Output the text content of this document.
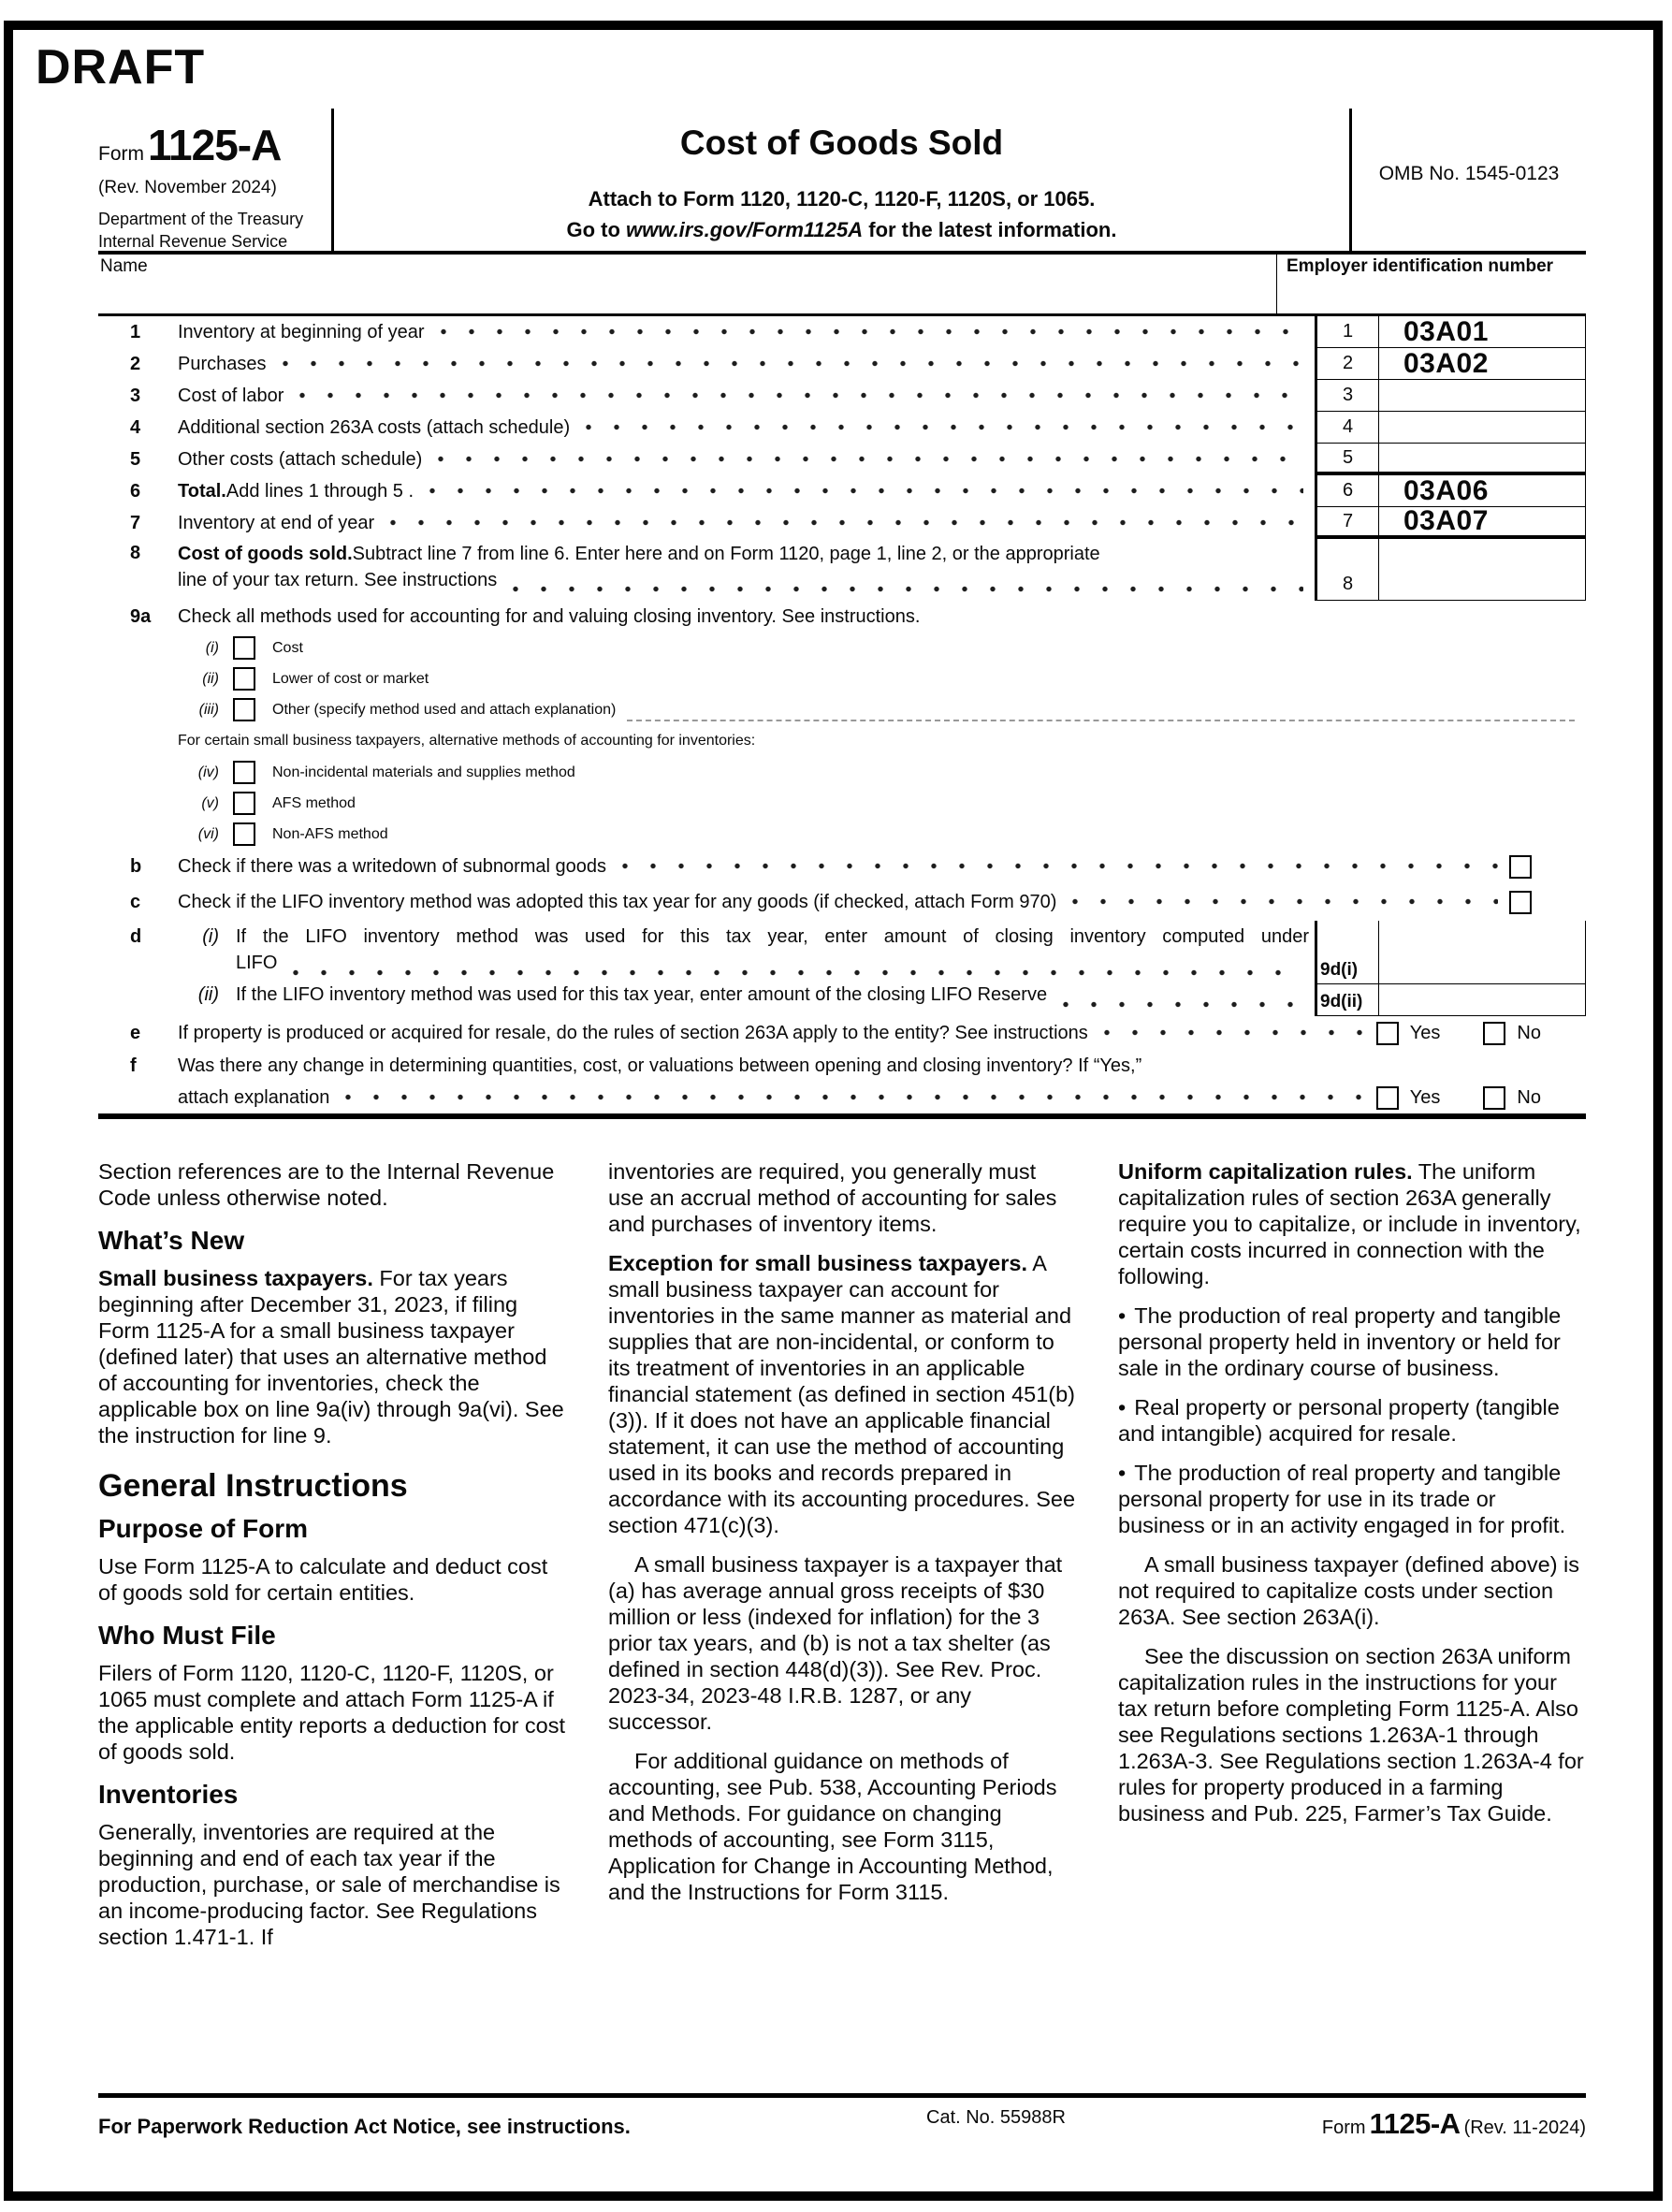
DRAFT
Form1125-A
(Rev. November 2024)
Department of the Treasury
Internal Revenue Service
Cost of Goods Sold
Attach to Form 1120, 1120-C, 1120-F, 1120S, or 1065.
Go to www.irs.gov/Form1125A for the latest information.
OMB No. 1545-0123
Name	Employer identification number
1	Inventory at beginning of year	1	03A01
2	Purchases	2	03A02
3	Cost of labor	3
4	Additional section 263A costs (attach schedule)	4
5	Other costs (attach schedule)	5
6	Total. Add lines 1 through 5 .	6	03A06
7	Inventory at end of year	7	03A07
8	Cost of goods sold. Subtract line 7 from line 6. Enter here and on Form 1120, page 1, line 2, or the appropriate
line of your tax return. See instructions	8
9a	Check all methods used for accounting for and valuing closing inventory. See instructions.
(i)	Cost
(ii)	Lower of cost or market
(iii)	Other (specify method used and attach explanation)
For certain small business taxpayers, alternative methods of accounting for inventories:
(iv)	Non-incidental materials and supplies method
(v)	AFS method
(vi)	Non-AFS method
b	Check if there was a writedown of subnormal goods
c	Check if the LIFO inventory method was adopted this tax year for any goods (if checked, attach Form 970)
d	(i) If the LIFO inventory method was used for this tax year, enter amount of closing inventory computed under
LIFO
(ii) If the LIFO inventory method was used for this tax year, enter amount of the closing LIFO Reserve
9d(i)
9d(ii)
e	If property is produced or acquired for resale, do the rules of section 263A apply to the entity? See instructions	Yes	No
f	Was there any change in determining quantities, cost, or valuations between opening and closing inventory? If “Yes,”
attach explanation	Yes	No

Section references are to the Internal Revenue Code unless otherwise noted.

What’s New

Small business taxpayers. For tax years beginning after December 31, 2023, if filing Form 1125-A for a small business taxpayer (defined later) that uses an alternative method of accounting for inventories, check the applicable box on line 9a(iv) through 9a(vi). See the instruction for line 9.

General Instructions
Purpose of Form

Use Form 1125-A to calculate and deduct cost of goods sold for certain entities.

Who Must File

Filers of Form 1120, 1120-C, 1120-F, 1120S, or 1065 must complete and attach Form 1125-A if the applicable entity reports a deduction for cost of goods sold.

Inventories

Generally, inventories are required at the beginning and end of each tax year if the production, purchase, or sale of merchandise is an income-producing factor. See Regulations section 1.471-1. If

inventories are required, you generally must use an accrual method of accounting for sales and purchases of inventory items.

Exception for small business taxpayers. A small business taxpayer can account for inventories in the same manner as material and supplies that are non-incidental, or conform to its treatment of inventories in an applicable financial statement (as defined in section 451(b)(3)). If it does not have an applicable financial statement, it can use the method of accounting used in its books and records prepared in accordance with its accounting procedures. See section 471(c)(3).

A small business taxpayer is a taxpayer that (a) has average annual gross receipts of $30 million or less (indexed for inflation) for the 3 prior tax years, and (b) is not a tax shelter (as defined in section 448(d)(3)). See Rev. Proc. 2023-34, 2023-48 I.R.B. 1287, or any successor.

For additional guidance on methods of accounting, see Pub. 538, Accounting Periods and Methods. For guidance on changing methods of accounting, see Form 3115, Application for Change in Accounting Method, and the Instructions for Form 3115.

Uniform capitalization rules. The uniform capitalization rules of section 263A generally require you to capitalize, or include in inventory, certain costs incurred in connection with the following.

• The production of real property and tangible personal property held in inventory or held for sale in the ordinary course of business.

• Real property or personal property (tangible and intangible) acquired for resale.

• The production of real property and tangible personal property for use in its trade or business or in an activity engaged in for profit.

A small business taxpayer (defined above) is not required to capitalize costs under section 263A. See section 263A(i).

See the discussion on section 263A uniform capitalization rules in the instructions for your tax return before completing Form 1125-A. Also see Regulations sections 1.263A-1 through 1.263A-3. See Regulations section 1.263A-4 for rules for property produced in a farming business and Pub. 225, Farmer’s Tax Guide.

For Paperwork Reduction Act Notice, see instructions.	Cat. No. 55988R	Form 1125-A (Rev. 11-2024)
